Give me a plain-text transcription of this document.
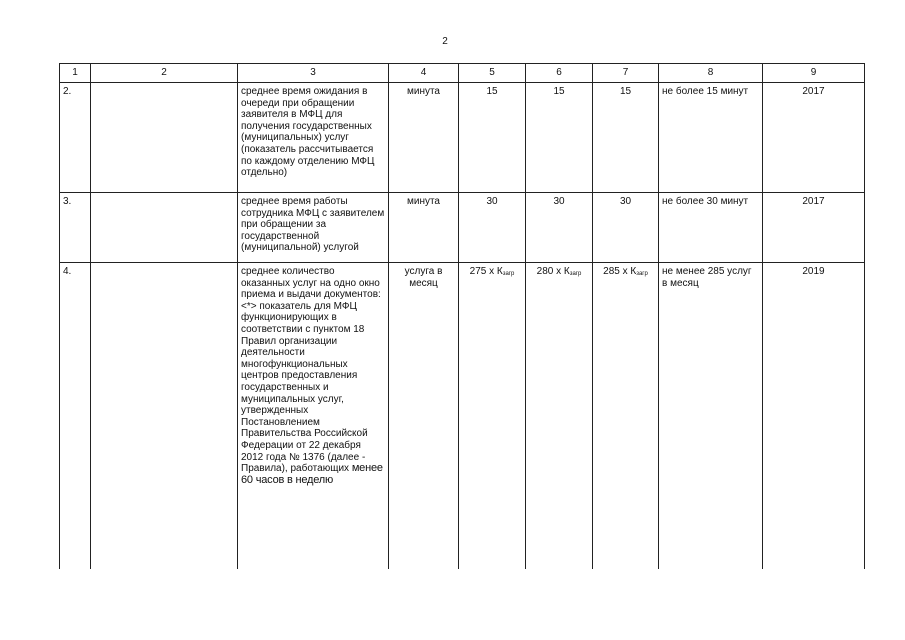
2
1	2	3	4	5	6	7	8	9
2.		среднее время ожидания в очереди при обращении заявителя в МФЦ для получения государственных (муниципальных) услуг (показатель рассчитывается по каждому отделению МФЦ отдельно)	минута	15	15	15	не более 15 минут	2017
3.		среднее время работы сотрудника МФЦ с заявителем при обращении за государственной (муниципальной) услугой	минута	30	30	30	не более 30 минут	2017
4.		среднее количество оказанных услуг на одно окно приема и выдачи документов: <*> показатель для МФЦ функционирующих в соответствии с пунктом 18 Правил организации деятельности многофункциональных центров предоставления государственных и муниципальных услуг, утвержденных Постановлением Правительства Российской Федерации от 22 декабря 2012 года № 1376 (далее - Правила), работающих менее 60 часов в неделю	услуга в месяц	275 х $К_{загр}$	280 х $К_{загр}$	285 х $К_{загр}$	не менее 285 услуг в месяц	2019
